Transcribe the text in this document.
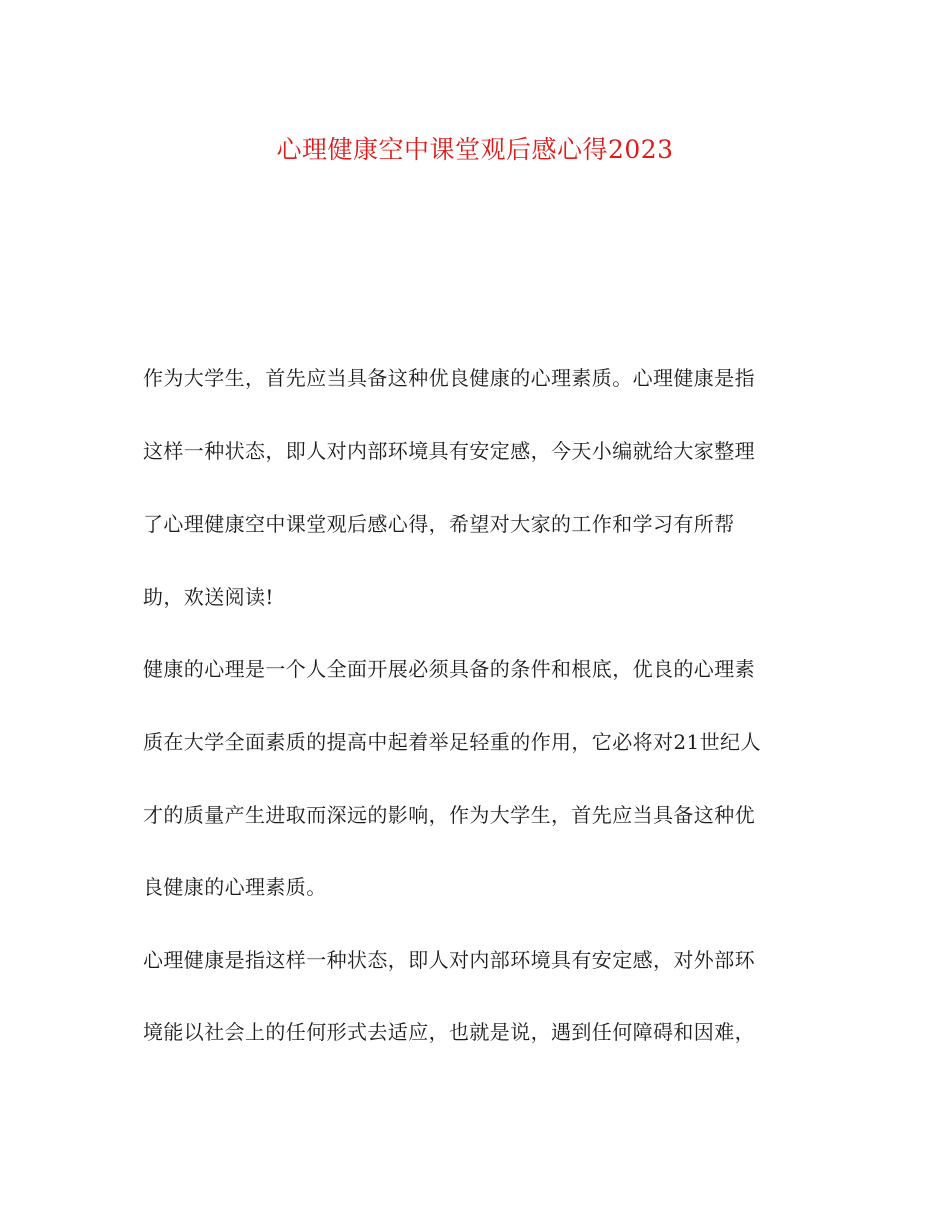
心理健康空中课堂观后感心得2023
作为大学生，首先应当具备这种优良健康的心理素质。心理健康是指
这样一种状态，即人对内部环境具有安定感，今天小编就给大家整理
了心理健康空中课堂观后感心得，希望对大家的工作和学习有所帮
助，欢送阅读!
健康的心理是一个人全面开展必须具备的条件和根底，优良的心理素
质在大学全面素质的提高中起着举足轻重的作用，它必将对21世纪人
才的质量产生进取而深远的影响，作为大学生，首先应当具备这种优
良健康的心理素质。
心理健康是指这样一种状态，即人对内部环境具有安定感，对外部环
境能以社会上的任何形式去适应，也就是说，遇到任何障碍和因难，
